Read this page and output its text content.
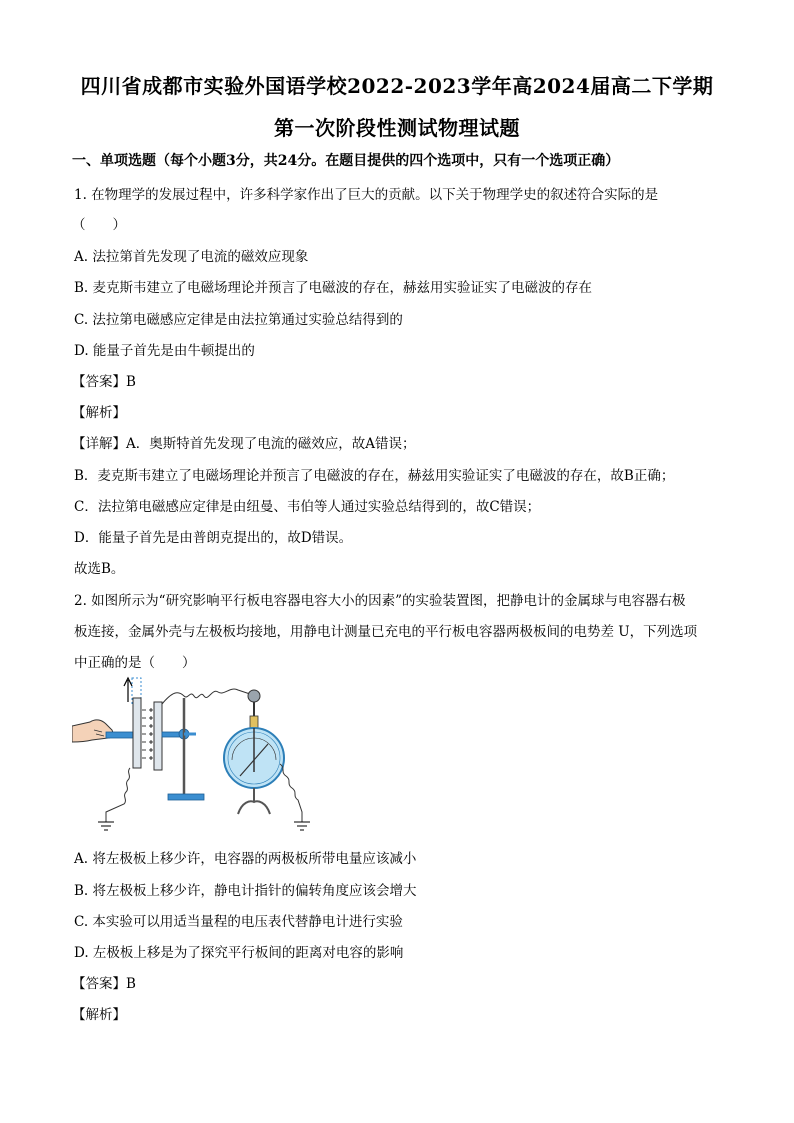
四川省成都市实验外国语学校2022-2023学年高2024届高二下学期
第一次阶段性测试物理试题
一、单项选题（每个小题3分，共24分。在题目提供的四个选项中，只有一个选项正确）
1. 在物理学的发展过程中，许多科学家作出了巨大的贡献。以下关于物理学史的叙述符合实际的是
（　　）
A. 法拉第首先发现了电流的磁效应现象
B. 麦克斯韦建立了电磁场理论并预言了电磁波的存在，赫兹用实验证实了电磁波的存在
C. 法拉第电磁感应定律是由法拉第通过实验总结得到的
D. 能量子首先是由牛顿提出的
【答案】B
【解析】
【详解】A．奥斯特首先发现了电流的磁效应，故A错误；
B．麦克斯韦建立了电磁场理论并预言了电磁波的存在，赫兹用实验证实了电磁波的存在，故B正确；
C．法拉第电磁感应定律是由纽曼、韦伯等人通过实验总结得到的，故C错误；
D．能量子首先是由普朗克提出的，故D错误。
故选B。
2. 如图所示为“研究影响平行板电容器电容大小的因素”的实验装置图，把静电计的金属球与电容器右极
板连接，金属外壳与左极板均接地，用静电计测量已充电的平行板电容器两极板间的电势差 U，下列选项
中正确的是（　　）
A. 将左极板上移少许，电容器的两极板所带电量应该减小
B. 将左极板上移少许，静电计指针的偏转角度应该会增大
C. 本实验可以用适当量程的电压表代替静电计进行实验
D. 左极板上移是为了探究平行板间的距离对电容的影响
【答案】B
【解析】
